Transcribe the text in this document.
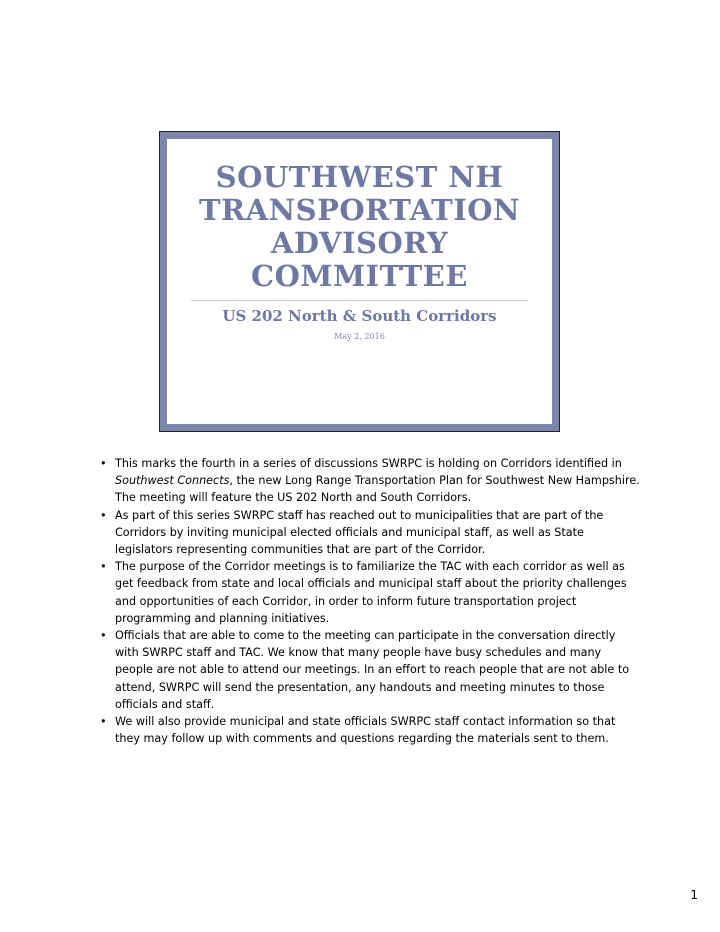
SOUTHWEST NH
TRANSPORTATION
ADVISORY
COMMITTEE
US 202 North & South Corridors
May 2, 2016
• This marks the fourth in a series of discussions SWRPC is holding on Corridors identified in Southwest Connects, the new Long Range Transportation Plan for Southwest New Hampshire. The meeting will feature the US 202 North and South Corridors.
• As part of this series SWRPC staff has reached out to municipalities that are part of the Corridors by inviting municipal elected officials and municipal staff, as well as State legislators representing communities that are part of the Corridor.
• The purpose of the Corridor meetings is to familiarize the TAC with each corridor as well as get feedback from state and local officials and municipal staff about the priority challenges and opportunities of each Corridor, in order to inform future transportation project programming and planning initiatives.
• Officials that are able to come to the meeting can participate in the conversation directly with SWRPC staff and TAC. We know that many people have busy schedules and many people are not able to attend our meetings. In an effort to reach people that are not able to attend, SWRPC will send the presentation, any handouts and meeting minutes to those officials and staff.
• We will also provide municipal and state officials SWRPC staff contact information so that they may follow up with comments and questions regarding the materials sent to them.
1
